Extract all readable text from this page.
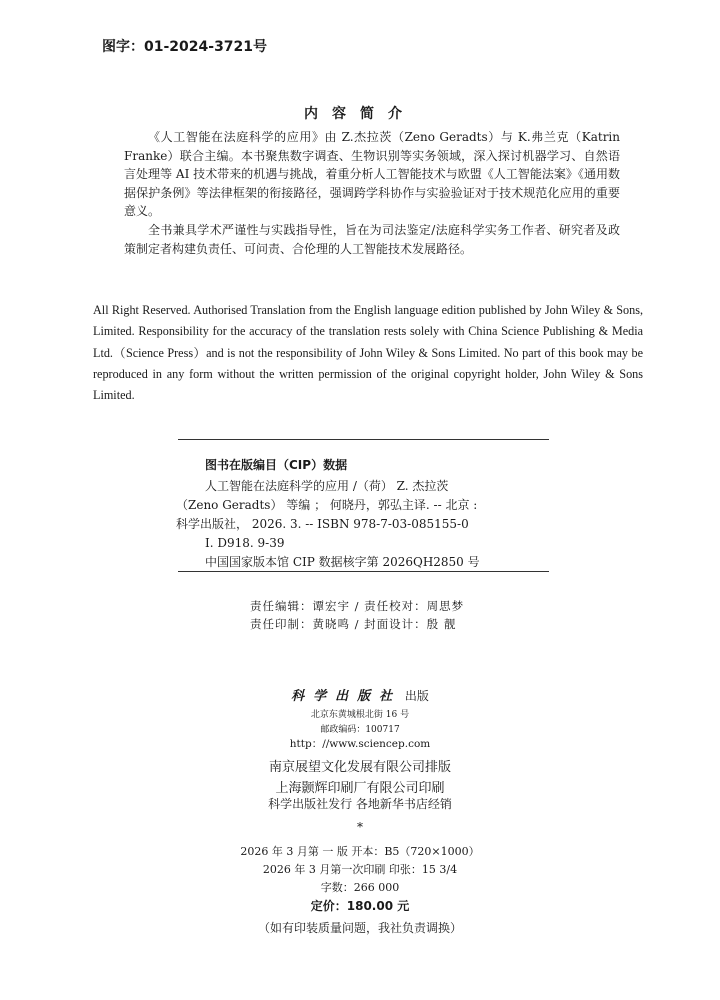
图字：01-2024-3721号
内容简介

《人工智能在法庭科学的应用》由 Z.杰拉茨（Zeno Geradts）与 K.弗兰克（Katrin Franke）联合主编。本书聚焦数字调查、生物识别等实务领域，深入探讨机器学习、自然语言处理等 AI 技术带来的机遇与挑战，着重分析人工智能技术与欧盟《人工智能法案》《通用数据保护条例》等法律框架的衔接路径，强调跨学科协作与实验验证对于技术规范化应用的重要意义。

全书兼具学术严谨性与实践指导性，旨在为司法鉴定/法庭科学实务工作者、研究者及政策制定者构建负责任、可问责、合伦理的人工智能技术发展路径。

All Right Reserved. Authorised Translation from the English language edition published by John Wiley & Sons, Limited. Responsibility for the accuracy of the translation rests solely with China Science Publishing & Media Ltd.（Science Press）and is not the responsibility of John Wiley & Sons Limited. No part of this book may be reproduced in any form without the written permission of the original copyright holder, John Wiley & Sons Limited.

图书在版编目（CIP）数据
人工智能在法庭科学的应用 /（荷） Z. 杰拉茨
（Zeno Geradts） 等编 ； 何晓丹，郭弘主译. -- 北京 :
科学出版社， 2026. 3. -- ISBN 978-7-03-085155-0
Ⅰ. D918. 9-39
中国国家版本馆 CIP 数据核字第 2026QH2850 号
责任编辑：谭宏宇 / 责任校对：周思梦
责任印制：黄晓鸣 / 封面设计：殷 靓
科学出版社 出版
北京东黄城根北街 16 号
邮政编码：100717
http：//www.sciencep.com
南京展望文化发展有限公司排版
上海颢辉印刷厂有限公司印刷
科学出版社发行 各地新华书店经销
*
2026 年 3 月第 一 版 开本：B5（720×1000）
2026 年 3 月第一次印刷 印张：15 3/4
字数：266 000
定价：180.00 元
（如有印装质量问题，我社负责调换）
